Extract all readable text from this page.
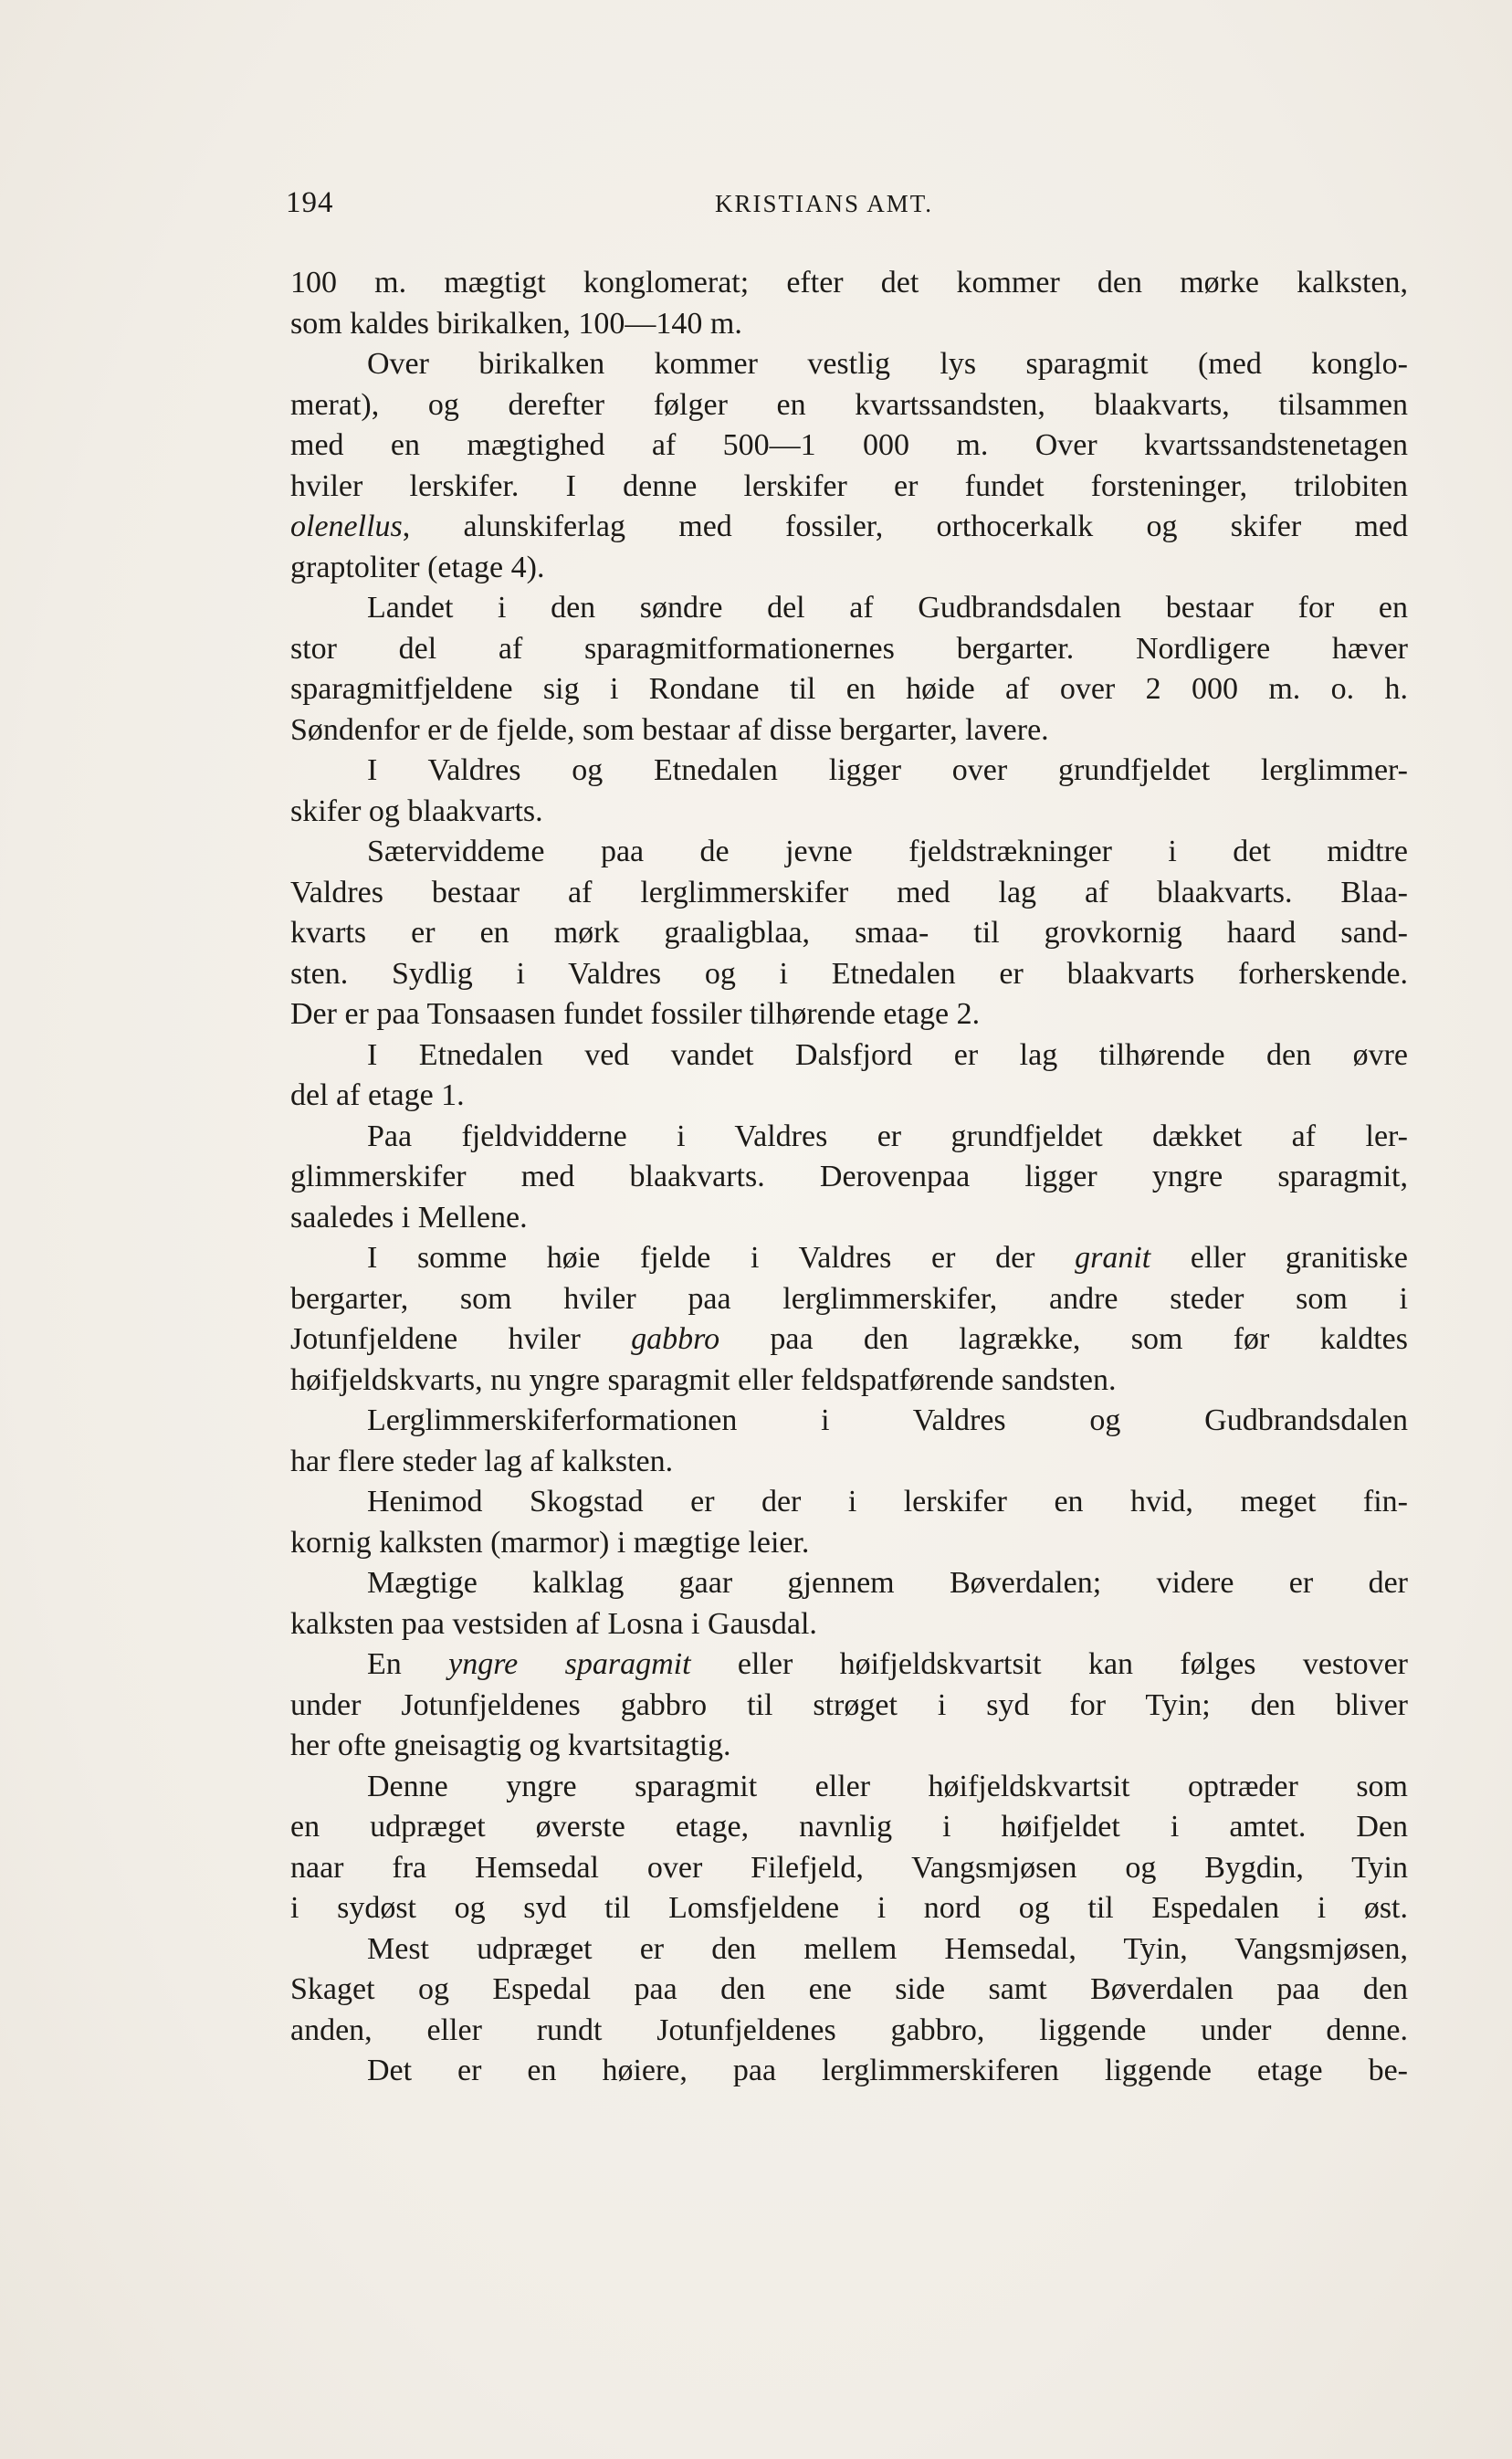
194	KRISTIANS AMT.
100 m. mægtigt konglomerat; efter det kommer den mørke kalksten,
som kaldes birikalken, 100—140 m.
Over birikalken kommer vestlig lys sparagmit (med konglo-
merat), og derefter følger en kvartssandsten, blaakvarts, tilsammen
med en mægtighed af 500—1 000 m. Over kvartssandstenetagen
hviler lerskifer. I denne lerskifer er fundet forsteninger, trilobiten
olenellus, alunskiferlag med fossiler, orthocerkalk og skifer med
graptoliter (etage 4).
Landet i den søndre del af Gudbrandsdalen bestaar for en
stor del af sparagmitformationernes bergarter. Nordligere hæver
sparagmitfjeldene sig i Rondane til en høide af over 2 000 m. o. h.
Søndenfor er de fjelde, som bestaar af disse bergarter, lavere.
I Valdres og Etnedalen ligger over grundfjeldet lerglimmer-
skifer og blaakvarts.
Sæterviddeme paa de jevne fjeldstrækninger i det midtre
Valdres bestaar af lerglimmerskifer med lag af blaakvarts. Blaa-
kvarts er en mørk graaligblaa, smaa- til grovkornig haard sand-
sten. Sydlig i Valdres og i Etnedalen er blaakvarts forherskende.
Der er paa Tonsaasen fundet fossiler tilhørende etage 2.
I Etnedalen ved vandet Dalsfjord er lag tilhørende den øvre
del af etage 1.
Paa fjeldvidderne i Valdres er grundfjeldet dækket af ler-
glimmerskifer med blaakvarts. Derovenpaa ligger yngre sparagmit,
saaledes i Mellene.
I somme høie fjelde i Valdres er der granit eller granitiske
bergarter, som hviler paa lerglimmerskifer, andre steder som i
Jotunfjeldene hviler gabbro paa den lagrække, som før kaldtes
høifjeldskvarts, nu yngre sparagmit eller feldspatførende sandsten.
Lerglimmerskiferformationen i Valdres og Gudbrandsdalen
har flere steder lag af kalksten.
Henimod Skogstad er der i lerskifer en hvid, meget fin-
kornig kalksten (marmor) i mægtige leier.
Mægtige kalklag gaar gjennem Bøverdalen; videre er der
kalksten paa vestsiden af Losna i Gausdal.
En yngre sparagmit eller høifjeldskvartsit kan følges vestover
under Jotunfjeldenes gabbro til strøget i syd for Tyin; den bliver
her ofte gneisagtig og kvartsitagtig.
Denne yngre sparagmit eller høifjeldskvartsit optræder som
en udpræget øverste etage, navnlig i høifjeldet i amtet. Den
naar fra Hemsedal over Filefjeld, Vangsmjøsen og Bygdin, Tyin
i sydøst og syd til Lomsfjeldene i nord og til Espedalen i øst.
Mest udpræget er den mellem Hemsedal, Tyin, Vangsmjøsen,
Skaget og Espedal paa den ene side samt Bøverdalen paa den
anden, eller rundt Jotunfjeldenes gabbro, liggende under denne.
Det er en høiere, paa lerglimmerskiferen liggende etage be-
